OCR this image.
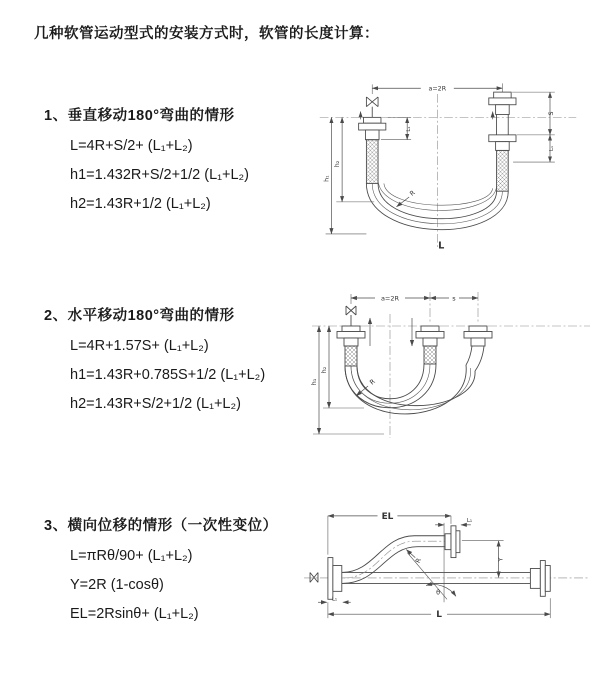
几种软管运动型式的安装方式时，软管的长度计算：
1、垂直移动180°弯曲的情形
L=4R+S/2+ (L₁+L₂)
h1=1.432R+S/2+1/2 (L₁+L₂)
h2=1.43R+1/2 (L₁+L₂)
a=2R
R
h₁
h₂
S
L₁
L₁
L
2、水平移动180°弯曲的情形
L=4R+1.57S+ (L₁+L₂)
h1=1.43R+0.785S+1/2 (L₁+L₂)
h2=1.43R+S/2+1/2 (L₁+L₂)
a=2R	s
R
h₁
h₂
3、横向位移的情形（一次性变位）
L=πRθ/90+ (L₁+L₂)
Y=2R (1-cosθ)
EL=2Rsinθ+ (L₁+L₂)
EL	L₁
Y
R
θ
L
L₁
